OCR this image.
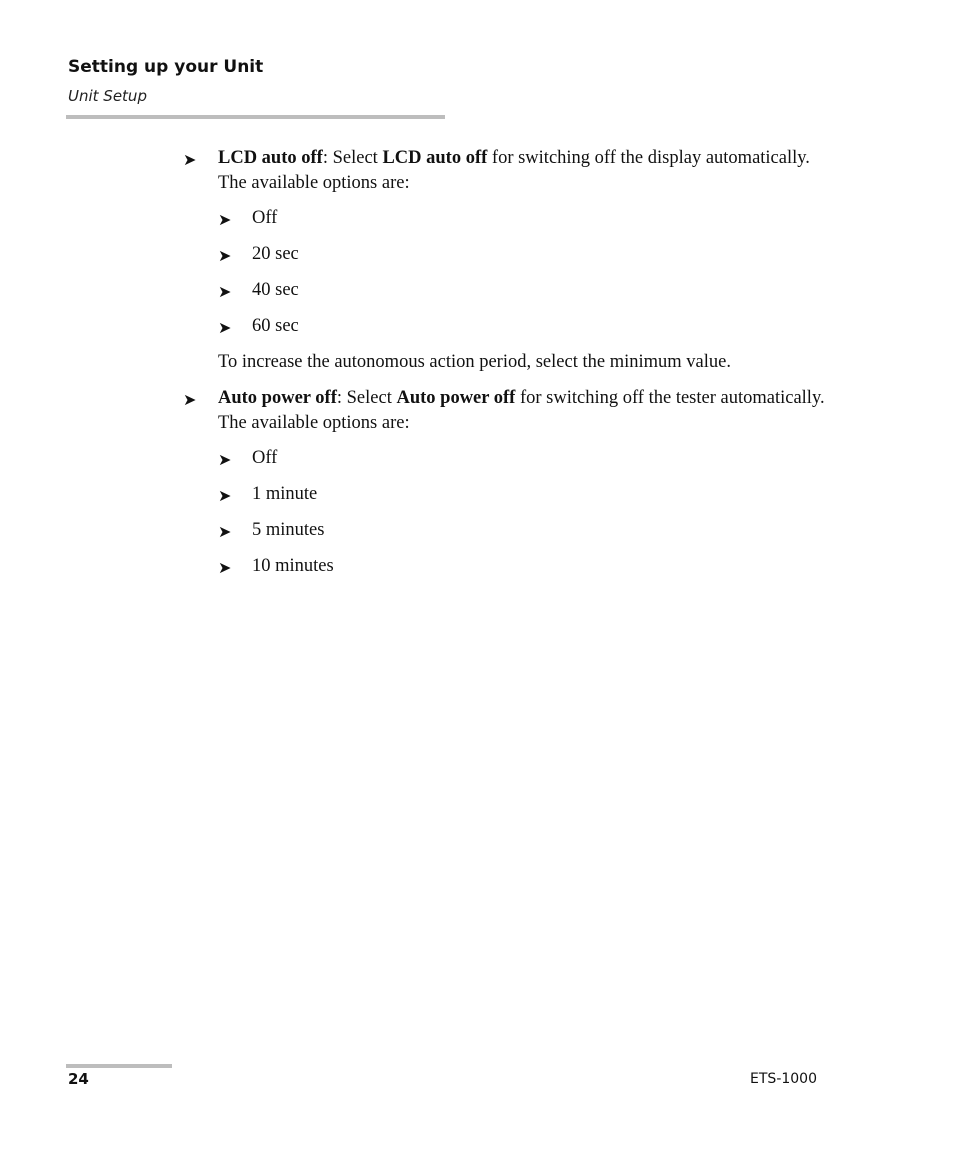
Setting up your Unit
Unit Setup
➤ LCD auto off: Select LCD auto off for switching off the display automatically. The available options are:
➤ Off
➤ 20 sec
➤ 40 sec
➤ 60 sec

To increase the autonomous action period, select the minimum value.

➤ Auto power off: Select Auto power off for switching off the tester automatically. The available options are:
➤ Off
➤ 1 minute
➤ 5 minutes
➤ 10 minutes
24	ETS-1000
